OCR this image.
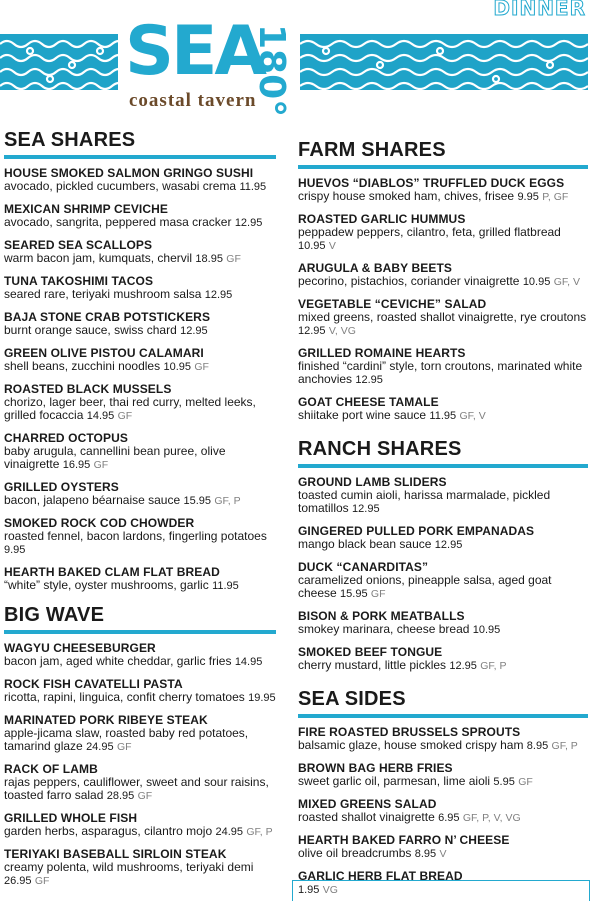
SEA
180°
coastal tavern
DINNER
SEA SHARES
HOUSE SMOKED SALMON GRINGO SUSHI
avocado, pickled cucumbers, wasabi crema 11.95
MEXICAN SHRIMP CEVICHE
avocado, sangrita, peppered masa cracker 12.95
SEARED SEA SCALLOPS
warm bacon jam, kumquats, chervil 18.95 GF
TUNA TAKOSHIMI TACOS
seared rare, teriyaki mushroom salsa 12.95
BAJA STONE CRAB POTSTICKERS
burnt orange sauce, swiss chard 12.95
GREEN OLIVE PISTOU CALAMARI
shell beans, zucchini noodles 10.95 GF
ROASTED BLACK MUSSELS
chorizo, lager beer, thai red curry, melted leeks, grilled focaccia 14.95 GF
CHARRED OCTOPUS
baby arugula, cannellini bean puree, olive vinaigrette 16.95 GF
GRILLED OYSTERS
bacon, jalapeno béarnaise sauce 15.95 GF, P
SMOKED ROCK COD CHOWDER
roasted fennel, bacon lardons, fingerling potatoes 9.95
HEARTH BAKED CLAM FLAT BREAD
“white” style, oyster mushrooms, garlic 11.95
BIG WAVE
WAGYU CHEESEBURGER
bacon jam, aged white cheddar, garlic fries 14.95
ROCK FISH CAVATELLI PASTA
ricotta, rapini, linguica, confit cherry tomatoes 19.95
MARINATED PORK RIBEYE STEAK
apple-jicama slaw, roasted baby red potatoes, tamarind glaze 24.95 GF
RACK OF LAMB
rajas peppers, cauliflower, sweet and sour raisins, toasted farro salad 28.95 GF
GRILLED WHOLE FISH
garden herbs, asparagus, cilantro mojo 24.95 GF, P
TERIYAKI BASEBALL SIRLOIN STEAK
creamy polenta, wild mushrooms, teriyaki demi 26.95 GF
FARM SHARES
HUEVOS “DIABLOS” TRUFFLED DUCK EGGS
crispy house smoked ham, chives, frisee 9.95 P, GF
ROASTED GARLIC HUMMUS
peppadew peppers, cilantro, feta, grilled flatbread 10.95 V
ARUGULA & BABY BEETS
pecorino, pistachios, coriander vinaigrette 10.95 GF, V
VEGETABLE “CEVICHE” SALAD
mixed greens, roasted shallot vinaigrette, rye croutons 12.95 V, VG
GRILLED ROMAINE HEARTS
finished “cardini” style, torn croutons, marinated white anchovies 12.95
GOAT CHEESE TAMALE
shiitake port wine sauce 11.95 GF, V
RANCH SHARES
GROUND LAMB SLIDERS
toasted cumin aioli, harissa marmalade, pickled tomatillos 12.95
GINGERED PULLED PORK EMPANADAS
mango black bean sauce 12.95
DUCK “CANARDITAS”
caramelized onions, pineapple salsa, aged goat cheese 15.95 GF
BISON & PORK MEATBALLS
smokey marinara, cheese bread 10.95
SMOKED BEEF TONGUE
cherry mustard, little pickles 12.95 GF, P
SEA SIDES
FIRE ROASTED BRUSSELS SPROUTS
balsamic glaze, house smoked crispy ham 8.95 GF, P
BROWN BAG HERB FRIES
sweet garlic oil, parmesan, lime aioli 5.95 GF
MIXED GREENS SALAD
roasted shallot vinaigrette 6.95 GF, P, V, VG
HEARTH BAKED FARRO N’ CHEESE
olive oil breadcrumbs 8.95 V
GARLIC HERB FLAT BREAD
1.95 VG
